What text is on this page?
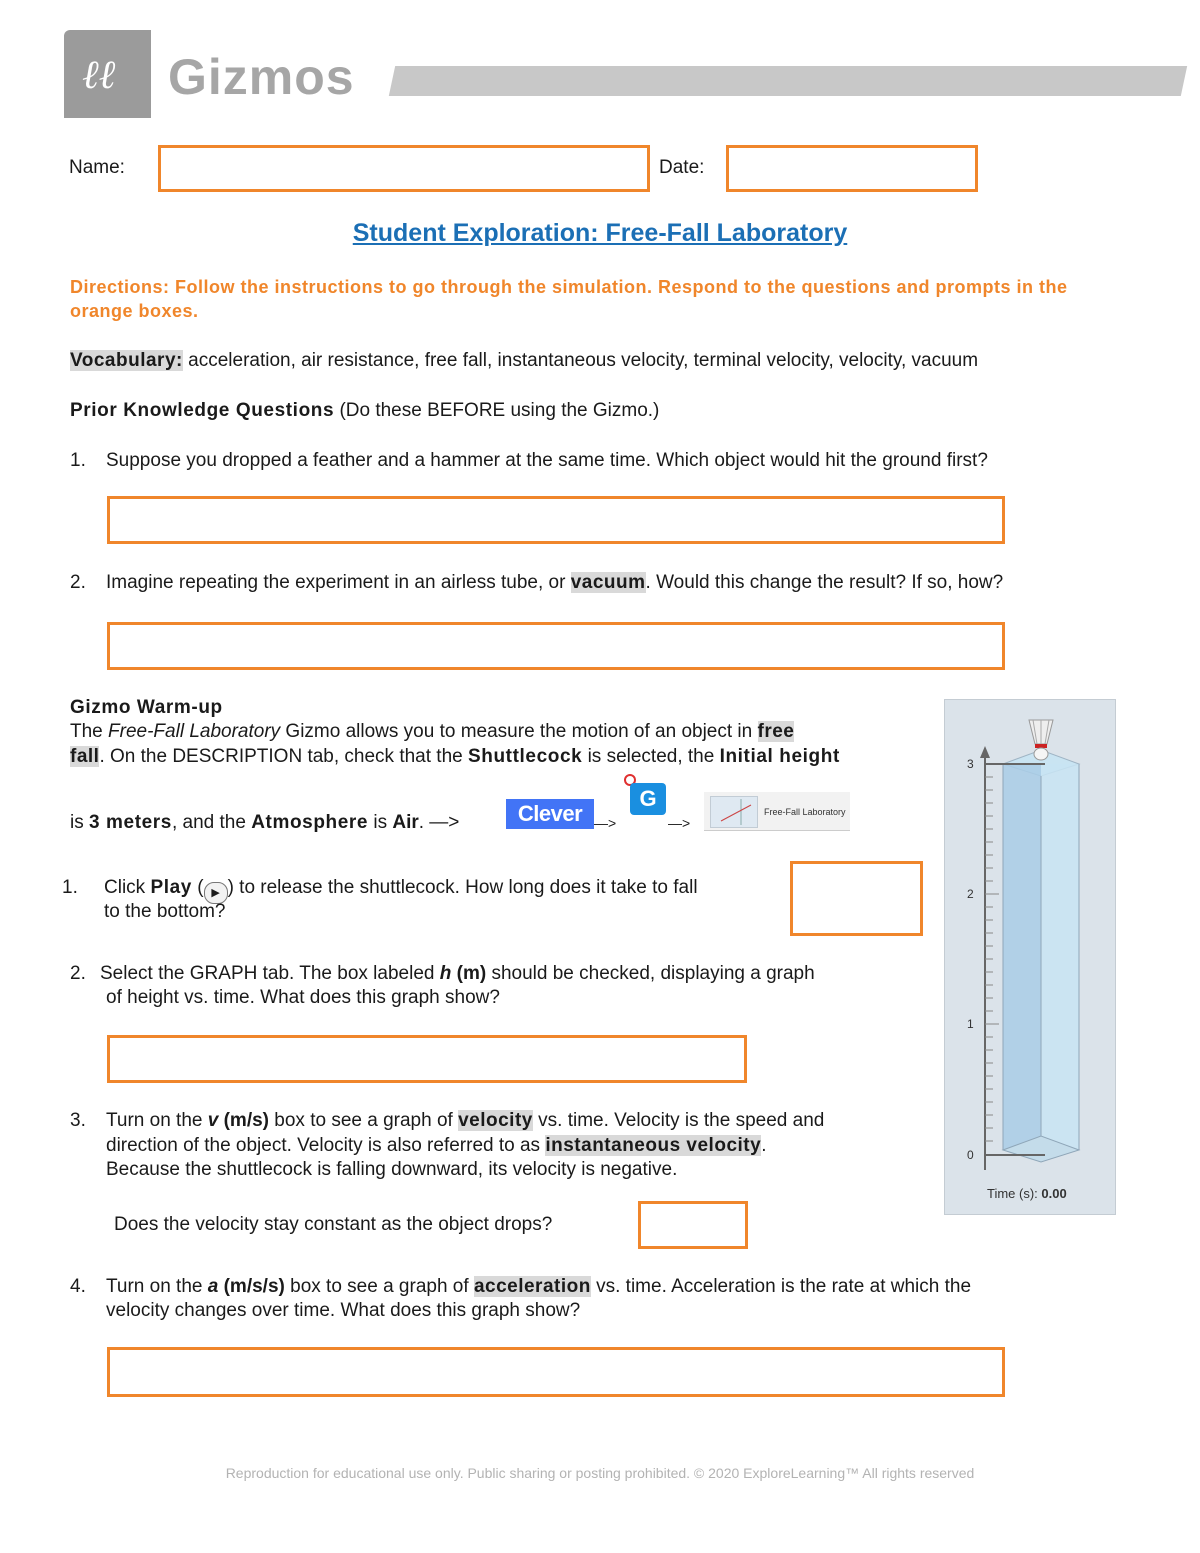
ℓℓ Gizmos
Name:	Date:
Student Exploration: Free-Fall Laboratory
Directions: Follow the instructions to go through the simulation. Respond to the questions and prompts in the orange boxes.
Vocabulary: acceleration, air resistance, free fall, instantaneous velocity, terminal velocity, velocity, vacuum
Prior Knowledge Questions (Do these BEFORE using the Gizmo.)
1. Suppose you dropped a feather and a hammer at the same time. Which object would hit the ground first?
2. Imagine repeating the experiment in an airless tube, or vacuum. Would this change the result? If so, how?
Gizmo Warm-up
The Free-Fall Laboratory Gizmo allows you to measure the motion of an object in free
fall. On the DESCRIPTION tab, check that the Shuttlecock is selected, the Initial height
is 3 meters, and the Atmosphere is Air. —>	Clever —>
G
—>
Free-Fall Laboratory
1. Click Play ( ▶ ) to release the shuttlecock. How long does it take to fall
to the bottom?
2. Select the GRAPH tab. The box labeled h (m) should be checked, displaying a graph
of height vs. time. What does this graph show?
3. Turn on the v (m/s) box to see a graph of velocity vs. time. Velocity is the speed and
direction of the object. Velocity is also referred to as instantaneous velocity.
Because the shuttlecock is falling downward, its velocity is negative.
Does the velocity stay constant as the object drops?
4. Turn on the a (m/s/s) box to see a graph of acceleration vs. time. Acceleration is the rate at which the
velocity changes over time. What does this graph show?
3
2
1
0
Time (s): 0.00
Reproduction for educational use only. Public sharing or posting prohibited. © 2020 ExploreLearning™ All rights reserved
